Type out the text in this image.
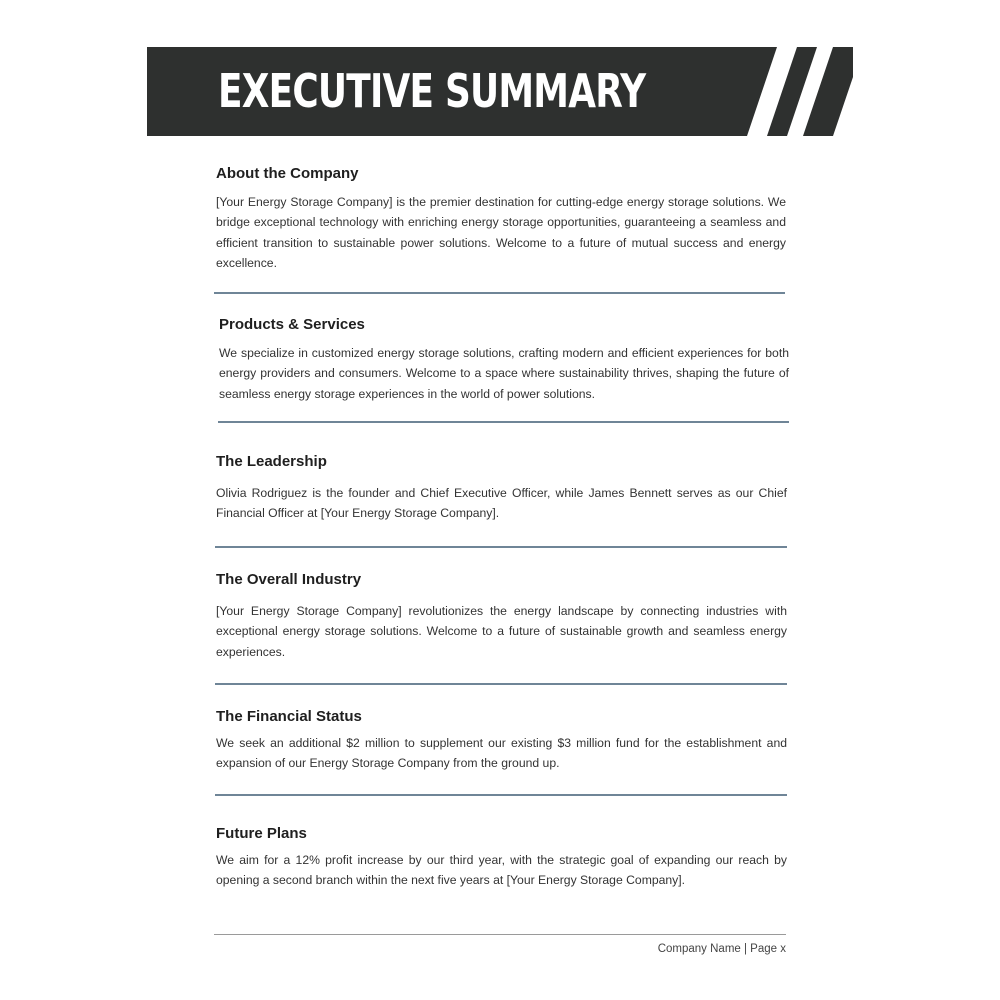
EXECUTIVE SUMMARY
About the Company

[Your Energy Storage Company] is the premier destination for cutting-edge energy storage solutions. We bridge exceptional technology with enriching energy storage opportunities, guaranteeing a seamless and efficient transition to sustainable power solutions. Welcome to a future of mutual success and energy excellence.

Products & Services

We specialize in customized energy storage solutions, crafting modern and efficient experiences for both energy providers and consumers. Welcome to a space where sustainability thrives, shaping the future of seamless energy storage experiences in the world of power solutions.

The Leadership

Olivia Rodriguez is the founder and Chief Executive Officer, while James Bennett serves as our Chief Financial Officer at [Your Energy Storage Company].

The Overall Industry

[Your Energy Storage Company] revolutionizes the energy landscape by connecting industries with exceptional energy storage solutions. Welcome to a future of sustainable growth and seamless energy experiences.

The Financial Status

We seek an additional $2 million to supplement our existing $3 million fund for the establishment and expansion of our Energy Storage Company from the ground up.

Future Plans

We aim for a 12% profit increase by our third year, with the strategic goal of expanding our reach by opening a second branch within the next five years at [Your Energy Storage Company].

Company Name | Page x
